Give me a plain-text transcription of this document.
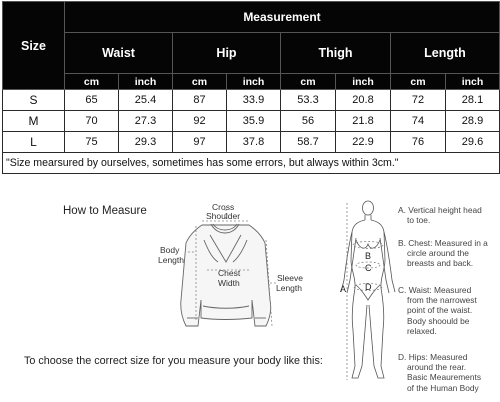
Size	Measurement							
	Waist		Hip		Thigh		Length	
	cm	inch	cm	inch	cm	inch	cm	inch
S	65	25.4	87	33.9	53.3	20.8	72	28.1
M	70	27.3	92	35.9	56	21.8	74	28.9
L	75	29.3	97	37.8	58.7	22.9	76	29.6
"Size mearsured by ourselves, sometimes has some errors, but always within 3cm."								
How to Measure	Cross
Shoulder
Body
Length
Chest
Width	Sleeve
Length	A
B
C
D
To choose the correct size for you measure your body like this:
A. Vertical height head
to toe.
B. Chest: Measured in a
circle around the
breasts and back.
C. Waist: Measured
from the narrowest
point of the waist.
Body shoould be
relaxed.
D. Hips: Measured
around the rear.
Basic Meaurements
of the Human Body
